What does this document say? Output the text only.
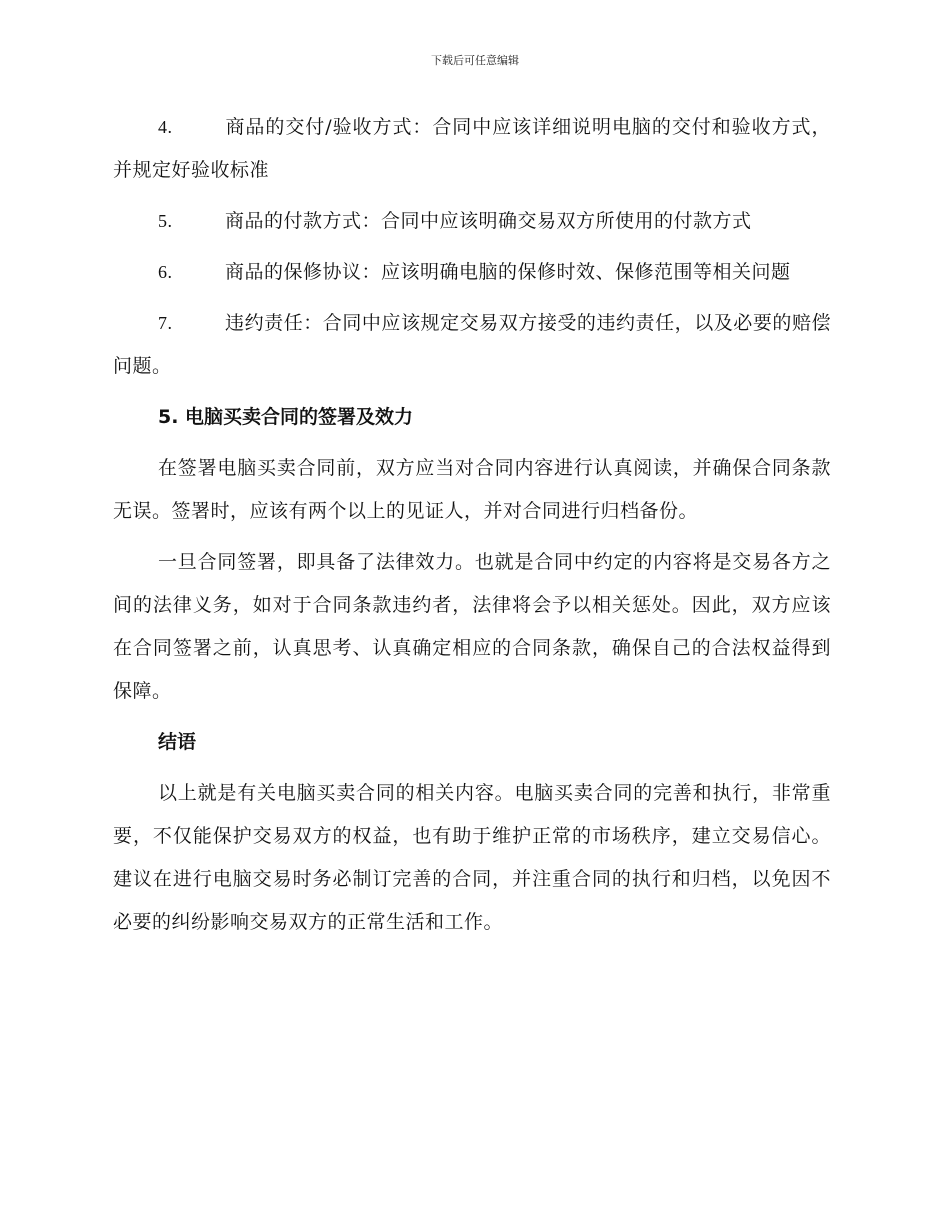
下载后可任意编辑

4.	商品的交付/验收方式：合同中应该详细说明电脑的交付和验收方式，并规定好验收标准

5.	商品的付款方式：合同中应该明确交易双方所使用的付款方式

6.	商品的保修协议：应该明确电脑的保修时效、保修范围等相关问题

7.	违约责任：合同中应该规定交易双方接受的违约责任，以及必要的赔偿问题。

5. 电脑买卖合同的签署及效力

在签署电脑买卖合同前，双方应当对合同内容进行认真阅读，并确保合同条款无误。签署时，应该有两个以上的见证人，并对合同进行归档备份。

一旦合同签署，即具备了法律效力。也就是合同中约定的内容将是交易各方之间的法律义务，如对于合同条款违约者，法律将会予以相关惩处。因此，双方应该在合同签署之前，认真思考、认真确定相应的合同条款，确保自己的合法权益得到保障。

结语

以上就是有关电脑买卖合同的相关内容。电脑买卖合同的完善和执行，非常重要，不仅能保护交易双方的权益，也有助于维护正常的市场秩序，建立交易信心。建议在进行电脑交易时务必制订完善的合同，并注重合同的执行和归档，以免因不必要的纠纷影响交易双方的正常生活和工作。
